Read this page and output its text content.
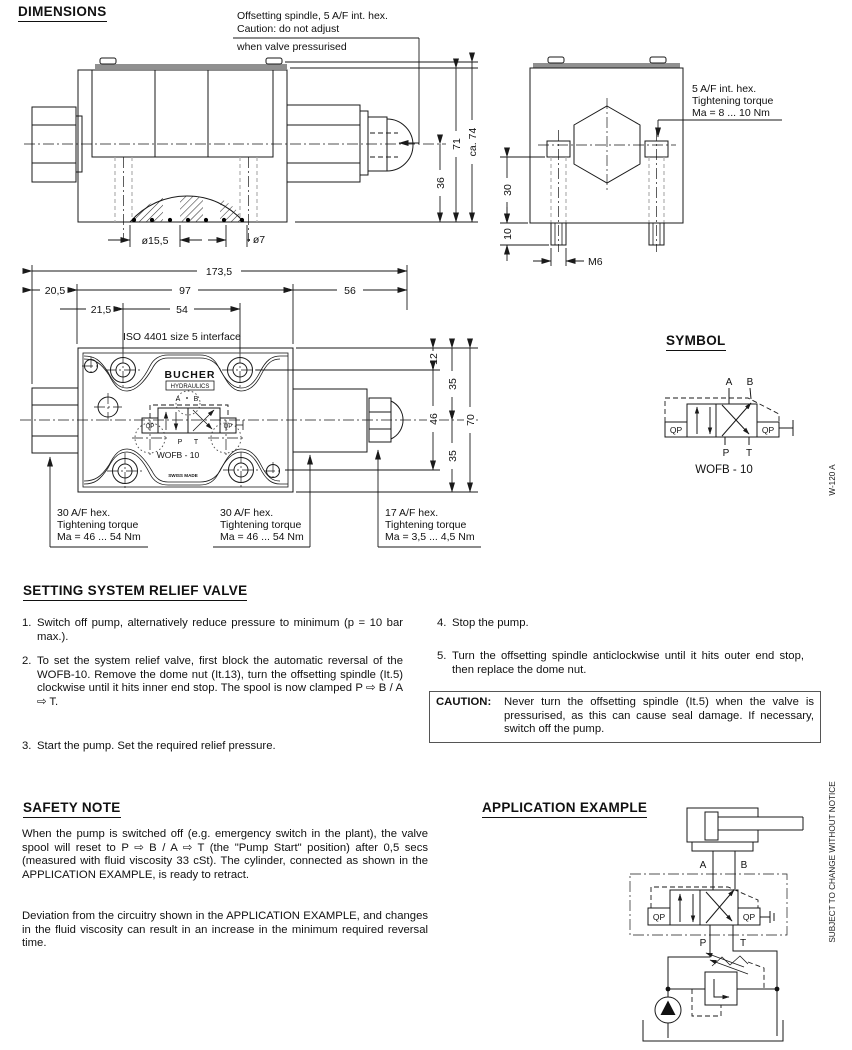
ø15,5	ø7
36
71 ca. 74
Offsetting spindle, 5 A/F int. hex.
Caution: do not adjust
when valve pressurised
30
10
M6
5 A/F int. hex.
Tightening torque
Ma = 8 ... 10 Nm
173,5
20,5	97	56
21,5	54
ISO 4401 size 5 interface
BUCHER
HYDRAULICS
A B
QP	QP
P T
WOFB - 10
SWISS MADE
12
46
35
35
70
30 A/F hex.
Tightening torque
Ma = 46 ... 54 Nm
30 A/F hex.
Tightening torque
Ma = 46 ... 54 Nm
17 A/F hex.
Tightening torque
Ma = 3,5 ... 4,5 Nm
A B
QP	QP
P T
WOFB - 10	W-120 A
SUBJECT TO CHANGE WITHOUT NOTICE
A	B
QP	QP
P	T
DIMENSIONS
SYMBOL
SETTING SYSTEM RELIEF VALVE
1. Switch off pump, alternatively reduce pressure to minimum (p = 10 bar max.).
2. To set the system relief valve, first block the automatic reversal of the WOFB-10. Remove the dome nut (It.13), turn the offsetting spindle (It.5) clockwise until it hits inner end stop. The spool is now clamped P ⇨ B / A ⇨ T.
3. Start the pump. Set the required relief pressure.
4. Stop the pump.
5. Turn the offsetting spindle anticlockwise until it hits outer end stop, then replace the dome nut.
CAUTION:	Never turn the offsetting spindle (It.5) when the valve is pressurised, as this can cause seal damage. If necessary, switch off the pump.
SAFETY NOTE
When the pump is switched off (e.g. emergency switch in the plant), the valve spool will reset to P ⇨ B / A ⇨ T (the "Pump Start" position) after 0,5 secs (measured with fluid viscosity 33 cSt). The cylinder, connected as shown in the APPLICATION EXAMPLE, is ready to retract.
Deviation from the circuitry shown in the APPLICATION EXAMPLE, and changes in the fluid viscosity can result in an increase in the minimum required reversal time.
APPLICATION EXAMPLE
